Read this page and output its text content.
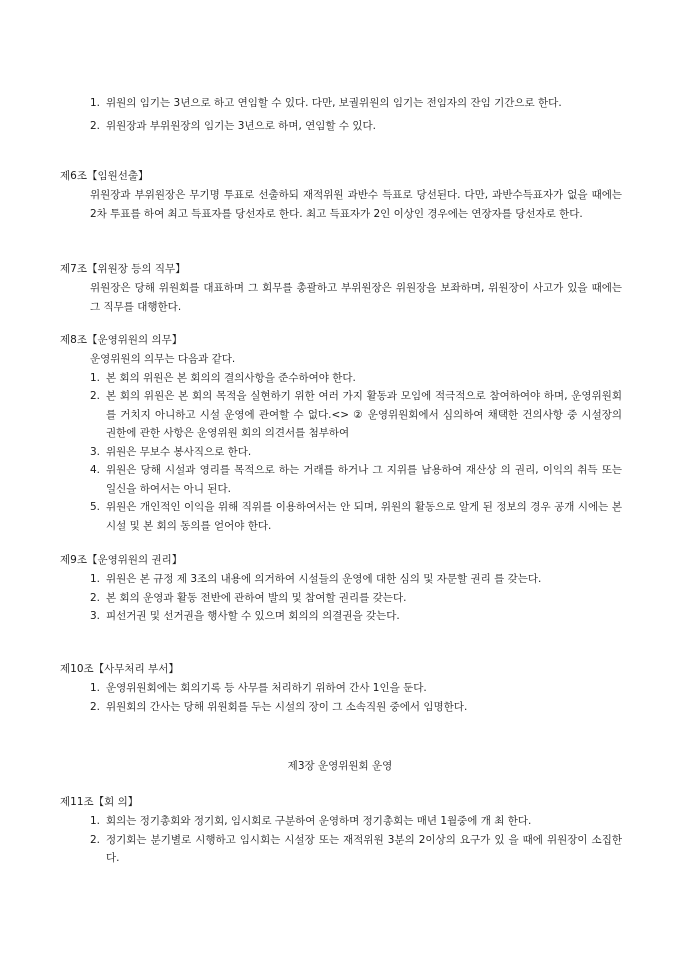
1. 위원의 임기는 3년으로 하고 연임할 수 있다. 다만, 보궐위원의 임기는 전임자의 잔임 기간으로 한다.
2. 위원장과 부위원장의 임기는 3년으로 하며, 연임할 수 있다.
제6조【임원선출】
위원장과 부위원장은 무기명 투표로 선출하되 재적위원 과반수 득표로 당선된다. 다만, 과반수득표자가 없을 때에는 2차 투표를 하여 최고 득표자를 당선자로 한다. 최고 득표자가 2인 이상인 경우에는 연장자를 당선자로 한다.
제7조【위원장 등의 직무】
위원장은 당해 위원회를 대표하며 그 회무를 총괄하고 부위원장은 위원장을 보좌하며, 위원장이 사고가 있을 때에는 그 직무를 대행한다.
제8조【운영위원의 의무】
운영위원의 의무는 다음과 같다.
1. 본 회의 위원은 본 회의의 결의사항을 준수하여야 한다.
2. 본 회의 위원은 본 회의 목적을 실현하기 위한 여러 가지 활동과 모임에 적극적으로 참여하여야 하며, 운영위원회를 거치지 아니하고 시설 운영에 관여할 수 없다.<> ② 운영위원회에서 심의하여 채택한 건의사항 중 시설장의 권한에 관한 사항은 운영위원 회의 의견서를 첨부하여
3. 위원은 무보수 봉사직으로 한다.
4. 위원은 당해 시설과 영리를 목적으로 하는 거래를 하거나 그 지위를 남용하여 재산상 의 권리, 이익의 취득 또는 일신을 하여서는 아니 된다.
5. 위원은 개인적인 이익을 위해 직위를 이용하여서는 안 되며, 위원의 활동으로 알게 된 정보의 경우 공개 시에는 본 시설 및 본 회의 동의를 얻어야 한다.
제9조【운영위원의 권리】
1. 위원은 본 규정 제 3조의 내용에 의거하여 시설들의 운영에 대한 심의 및 자문할 권리 를 갖는다.
2. 본 회의 운영과 활동 전반에 관하여 발의 및 참여할 권리를 갖는다.
3. 피선거권 및 선거권을 행사할 수 있으며 회의의 의결권을 갖는다.
제10조【사무처리 부서】
1. 운영위원회에는 회의기록 등 사무를 처리하기 위하여 간사 1인을 둔다.
2. 위원회의 간사는 당해 위원회를 두는 시설의 장이 그 소속직원 중에서 임명한다.
제3장 운영위원회 운영
제11조【회 의】
1. 회의는 정기총회와 정기회, 임시회로 구분하여 운영하며 정기총회는 매년 1월중에 개 최 한다.
2. 정기회는 분기별로 시행하고 임시회는 시설장 또는 재적위원 3분의 2이상의 요구가 있 을 때에 위원장이 소집한다.
